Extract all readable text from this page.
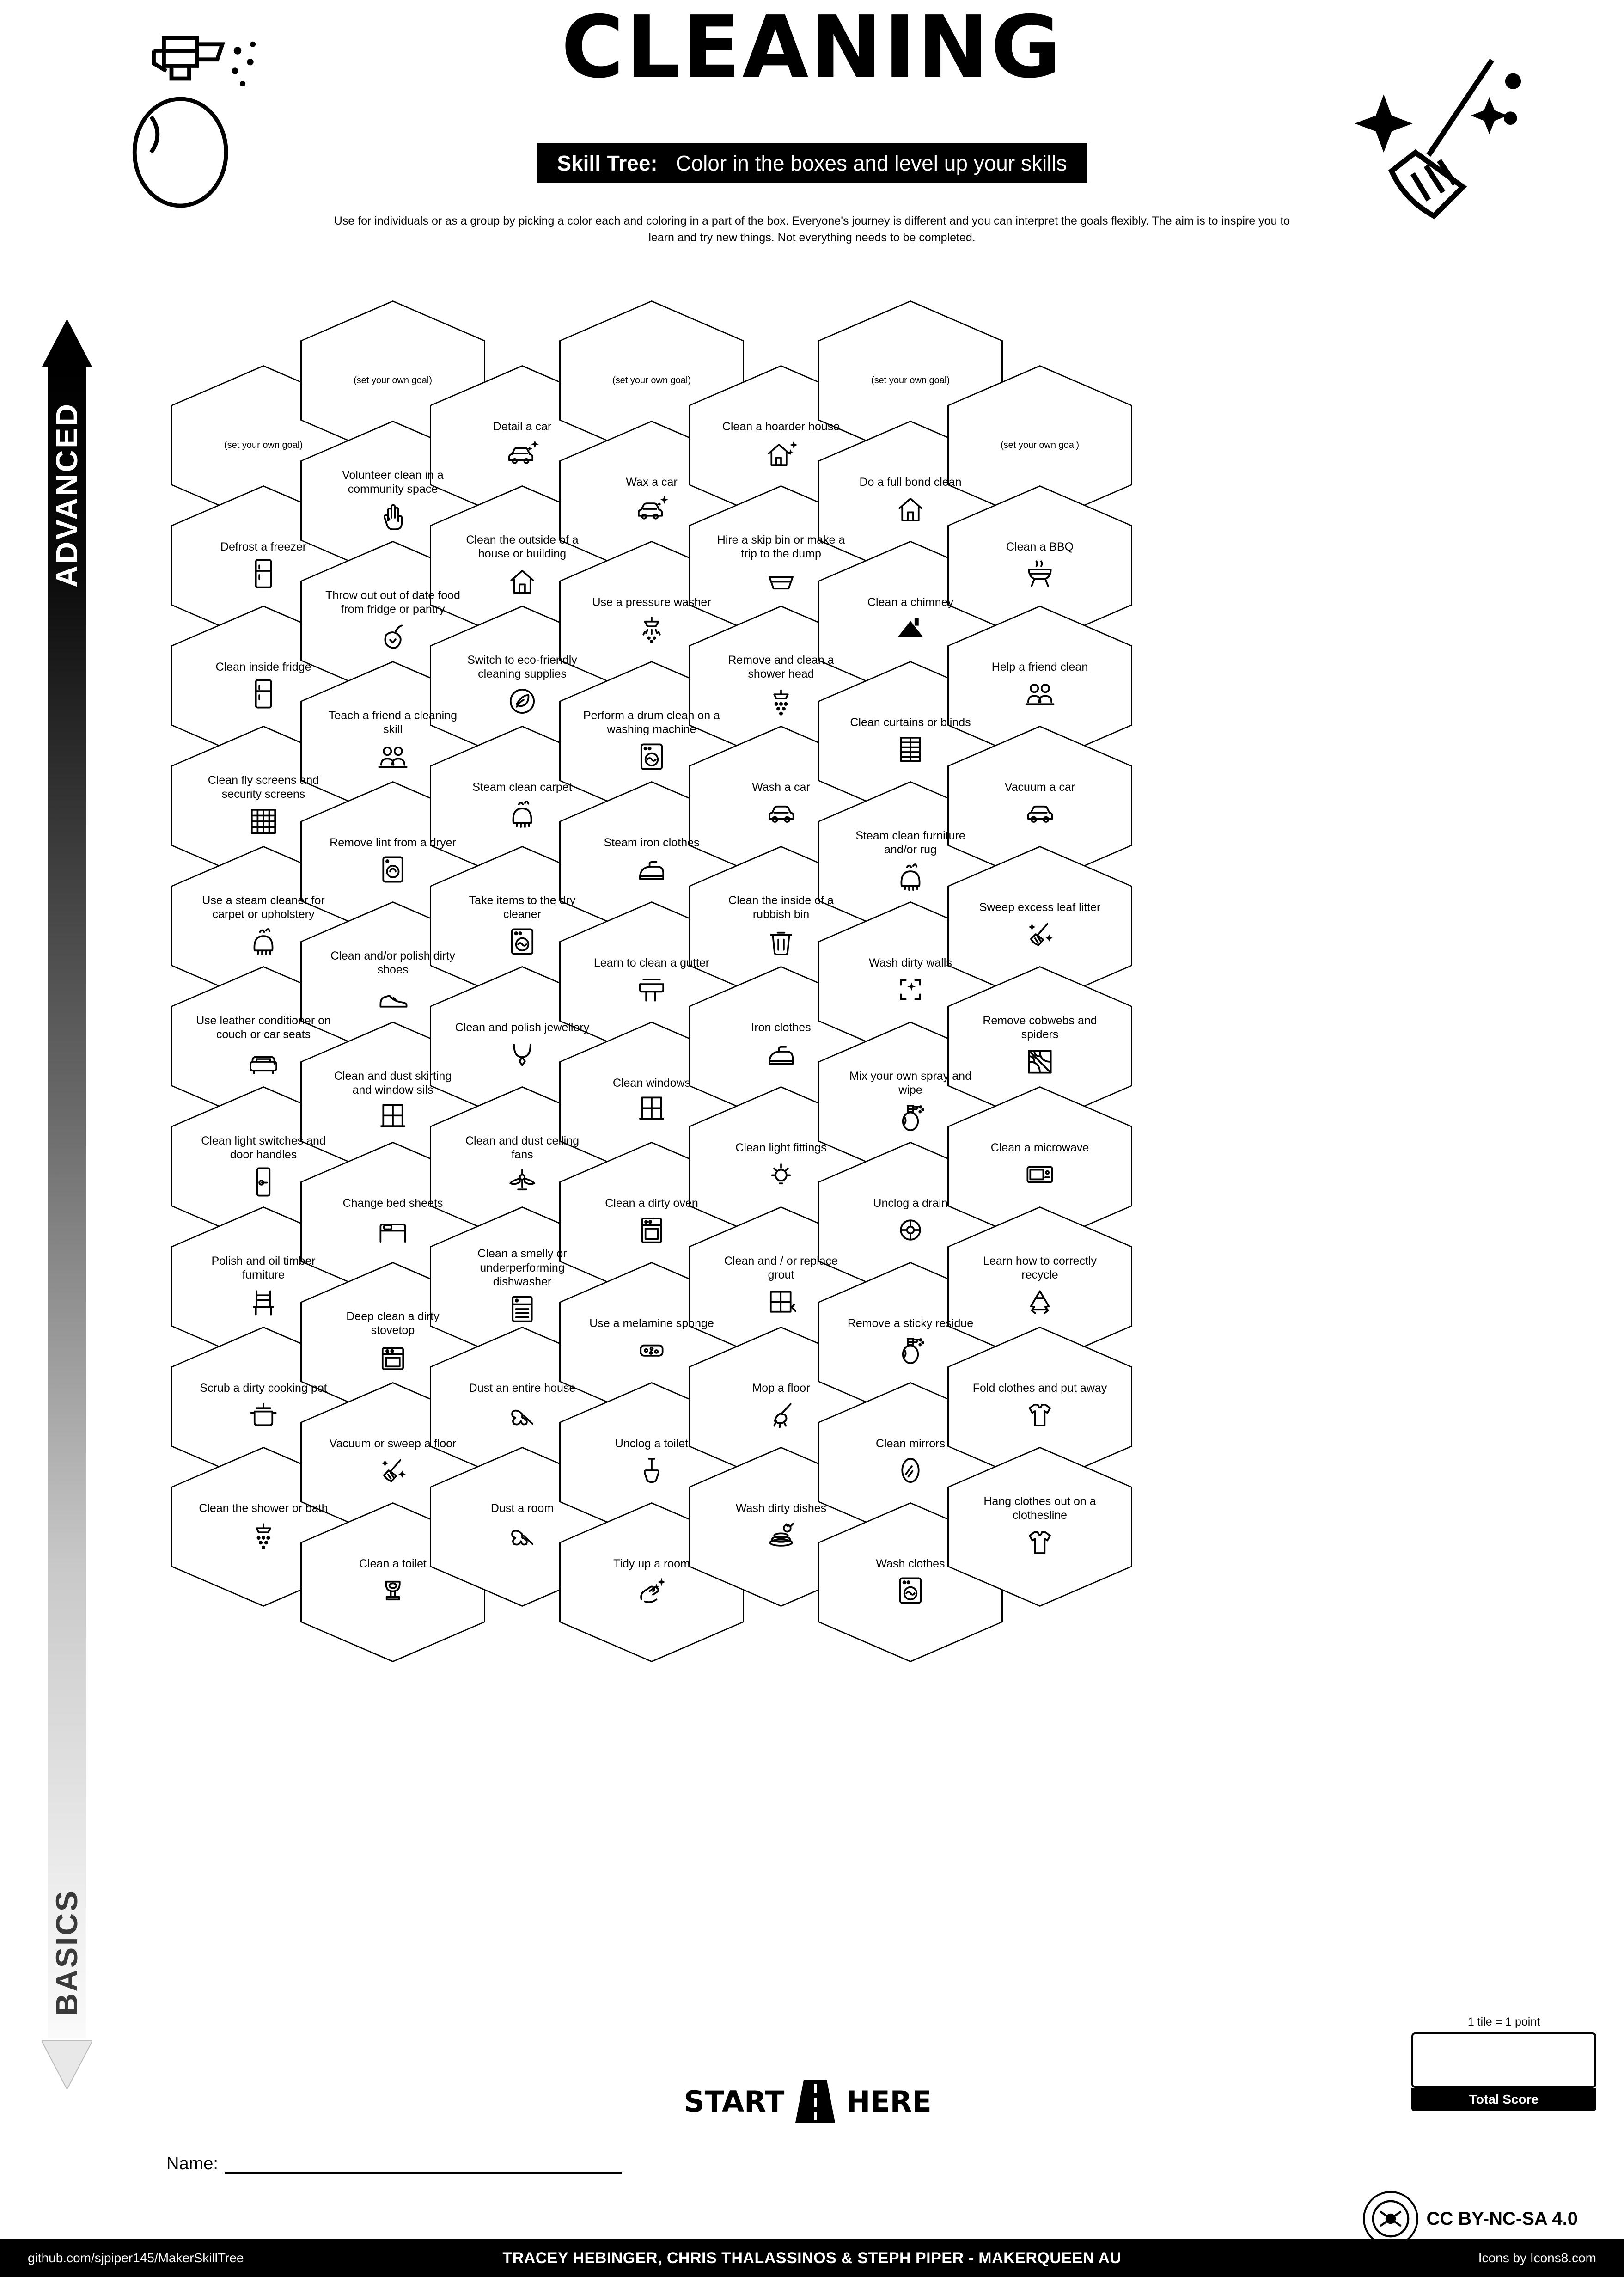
CLEANING
Skill Tree: Color in the boxes and level up your skills
Use for individuals or as a group by picking a color each and coloring in a part of the box. Everyone's journey is different and you can interpret the goals flexibly. The aim is to inspire you to learn and try new things. Not everything needs to be completed.
ADVANCED
BASICS
(set your own goal)
Defrost a freezer
Clean inside fridge
Clean fly screens and security screens
Use a steam cleaner for carpet or upholstery
Use leather conditioner on couch or car seats
Clean light switches and door handles
Polish and oil timber furniture
Scrub a dirty cooking pot
Clean the shower or bath
(set your own goal)
Volunteer clean in a community space
Throw out out of date food from fridge or pantry
Teach a friend a cleaning skill
Remove lint from a dryer
Clean and/or polish dirty shoes
Clean and dust skirting and window sils
Change bed sheets
Deep clean a dirty stovetop
Vacuum or sweep a floor
Clean a toilet
Detail a car
Clean the outside of a house or building
Switch to eco-friendly cleaning supplies
Steam clean carpet
Take items to the dry cleaner
Clean and polish jewellery
Clean and dust ceiling fans
Clean a smelly or underperforming dishwasher
Dust an entire house
Dust a room
(set your own goal)
Wax a car
Use a pressure washer
Perform a drum clean on a washing machine
Steam iron clothes
Learn to clean a gutter
Clean windows
Clean a dirty oven
Use a melamine sponge
Unclog a toilet
Tidy up a room
Clean a hoarder house
Hire a skip bin or make a trip to the dump
Remove and clean a shower head
Wash a car
Clean the inside of a rubbish bin
Iron clothes
Clean light fittings
Clean and / or replace grout
Mop a floor
Wash dirty dishes
(set your own goal)
Do a full bond clean
Clean a chimney
Clean curtains or blinds
Steam clean furniture and/or rug
Wash dirty walls
Mix your own spray and wipe
Unclog a drain
Remove a sticky residue
Clean mirrors
Wash clothes
(set your own goal)
Clean a BBQ
Help a friend clean
Vacuum a car
Sweep excess leaf litter
Remove cobwebs and spiders
Clean a microwave
Learn how to correctly recycle
Fold clothes and put away
Hang clothes out on a clothesline
START HERE
1 tile = 1 point
Total Score
Name:
CC BY-NC-SA 4.0
github.com/sjpiper145/MakerSkillTree	TRACEY HEBINGER, CHRIS THALASSINOS & STEPH PIPER - MAKERQUEEN AU	Icons by Icons8.com
